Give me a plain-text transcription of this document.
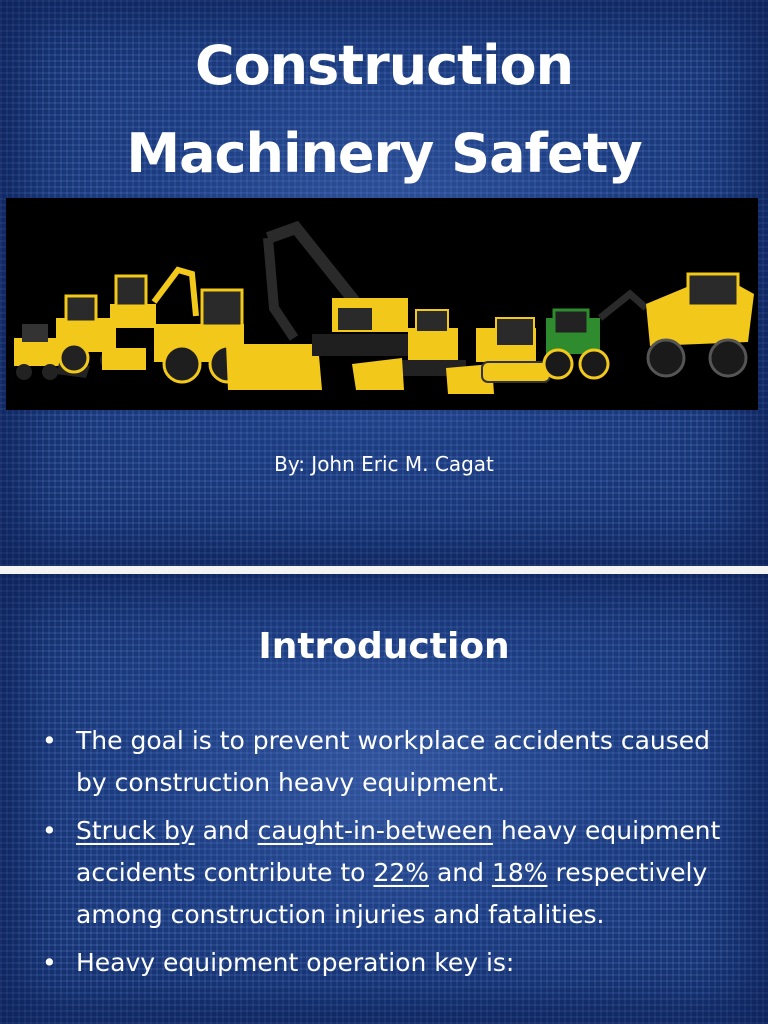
Construction
Machinery Safety
By: John Eric M. Cagat
Introduction
• The goal is to prevent workplace accidents caused by construction heavy equipment.
• Struck by and caught-in-between heavy equipment accidents contribute to 22% and 18% respectively among construction injuries and fatalities.
• Heavy equipment operation key is:
